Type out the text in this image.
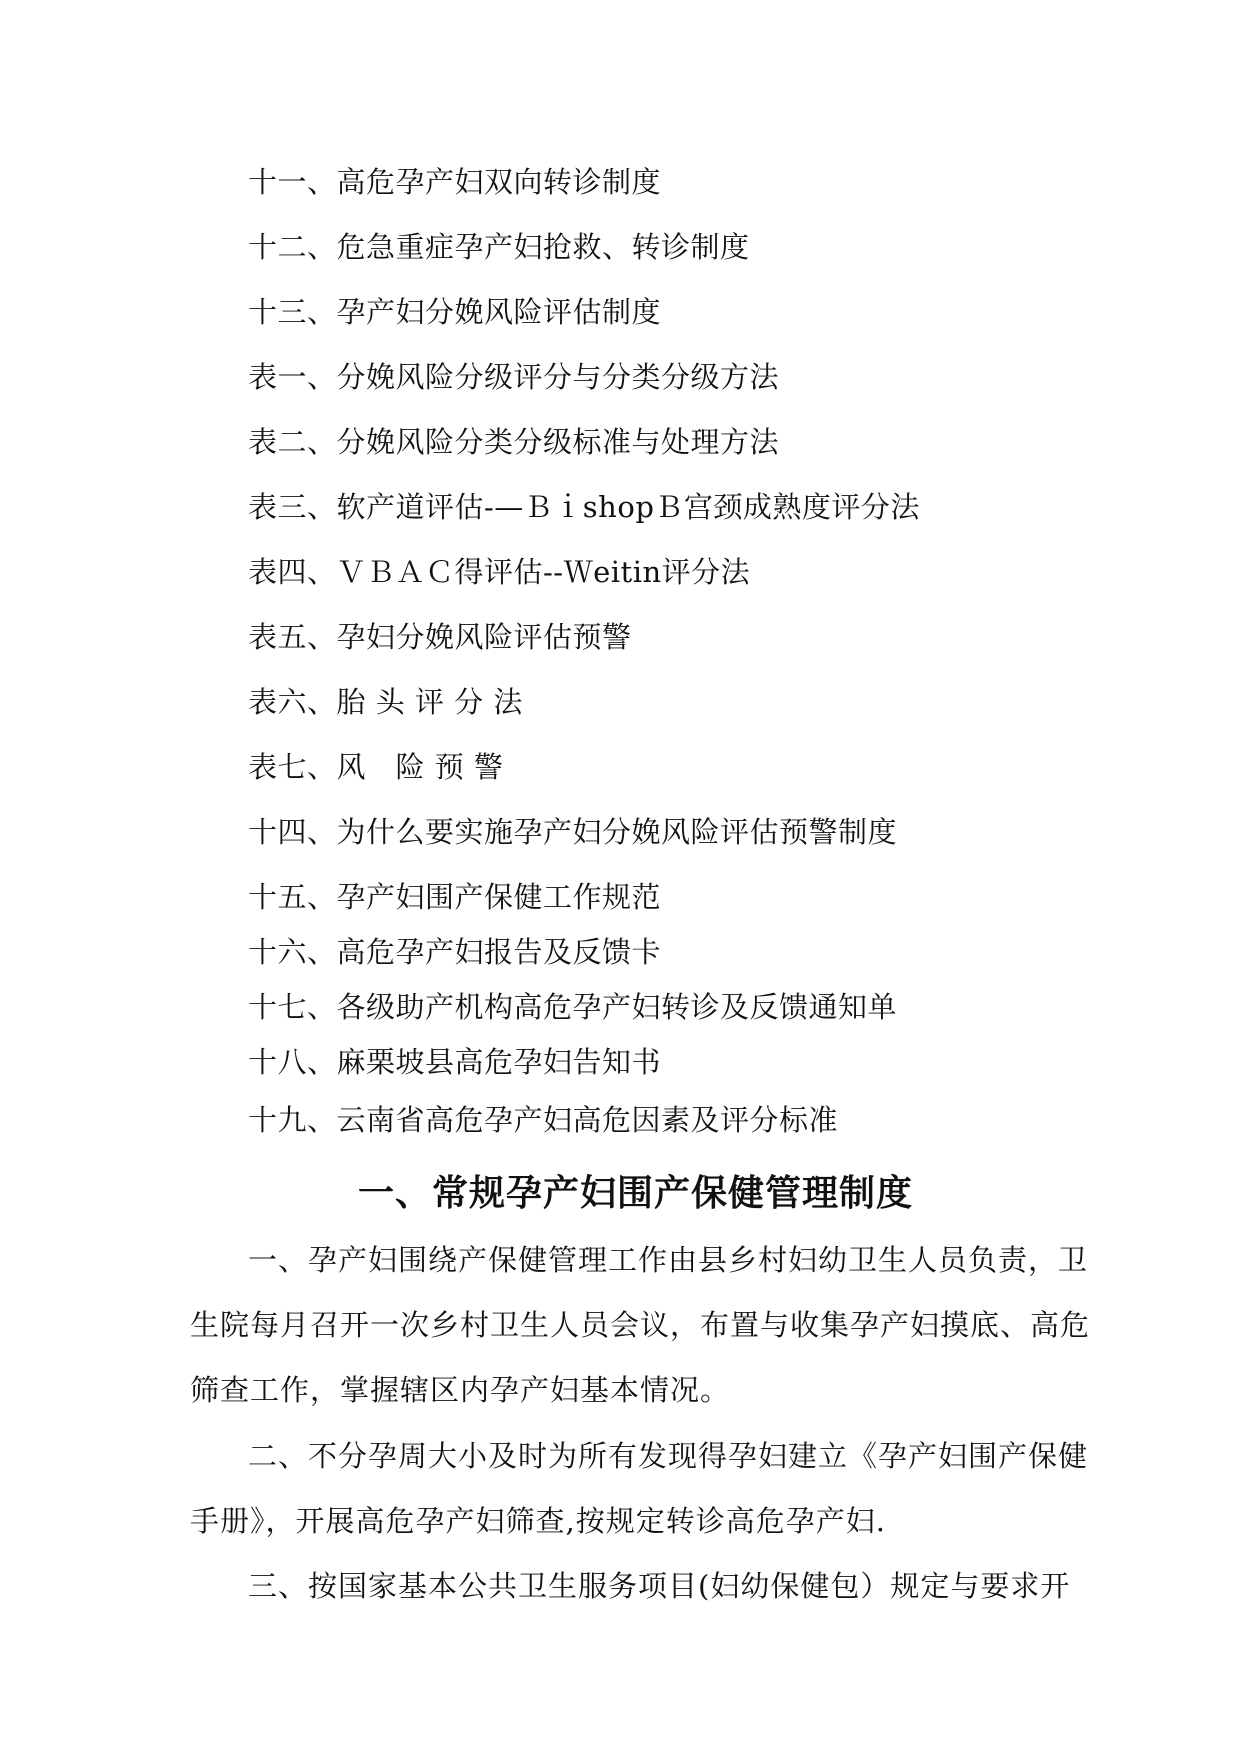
十一、高危孕产妇双向转诊制度
十二、危急重症孕产妇抢救、转诊制度
十三、孕产妇分娩风险评估制度
表一、分娩风险分级评分与分类分级方法
表二、分娩风险分类分级标准与处理方法
表三、软产道评估-—ＢｉshopＢ宫颈成熟度评分法
表四、ＶＢＡＣ得评估--Ｗeitin评分法
表五、孕妇分娩风险评估预警
表六、胎 头 评 分 法
表七、风　险 预 警
十四、为什么要实施孕产妇分娩风险评估预警制度
十五、孕产妇围产保健工作规范
十六、高危孕产妇报告及反馈卡
十七、各级助产机构高危孕产妇转诊及反馈通知单
十八、麻栗坡县高危孕妇告知书
十九、云南省高危孕产妇高危因素及评分标准
一、常规孕产妇围产保健管理制度
一、孕产妇围绕产保健管理工作由县乡村妇幼卫生人员负责，卫
生院每月召开一次乡村卫生人员会议，布置与收集孕产妇摸底、高危
筛查工作，掌握辖区内孕产妇基本情况。
二、不分孕周大小及时为所有发现得孕妇建立《孕产妇围产保健
手册》，开展高危孕产妇筛查,按规定转诊高危孕产妇.
三、按国家基本公共卫生服务项目(妇幼保健包）规定与要求开
